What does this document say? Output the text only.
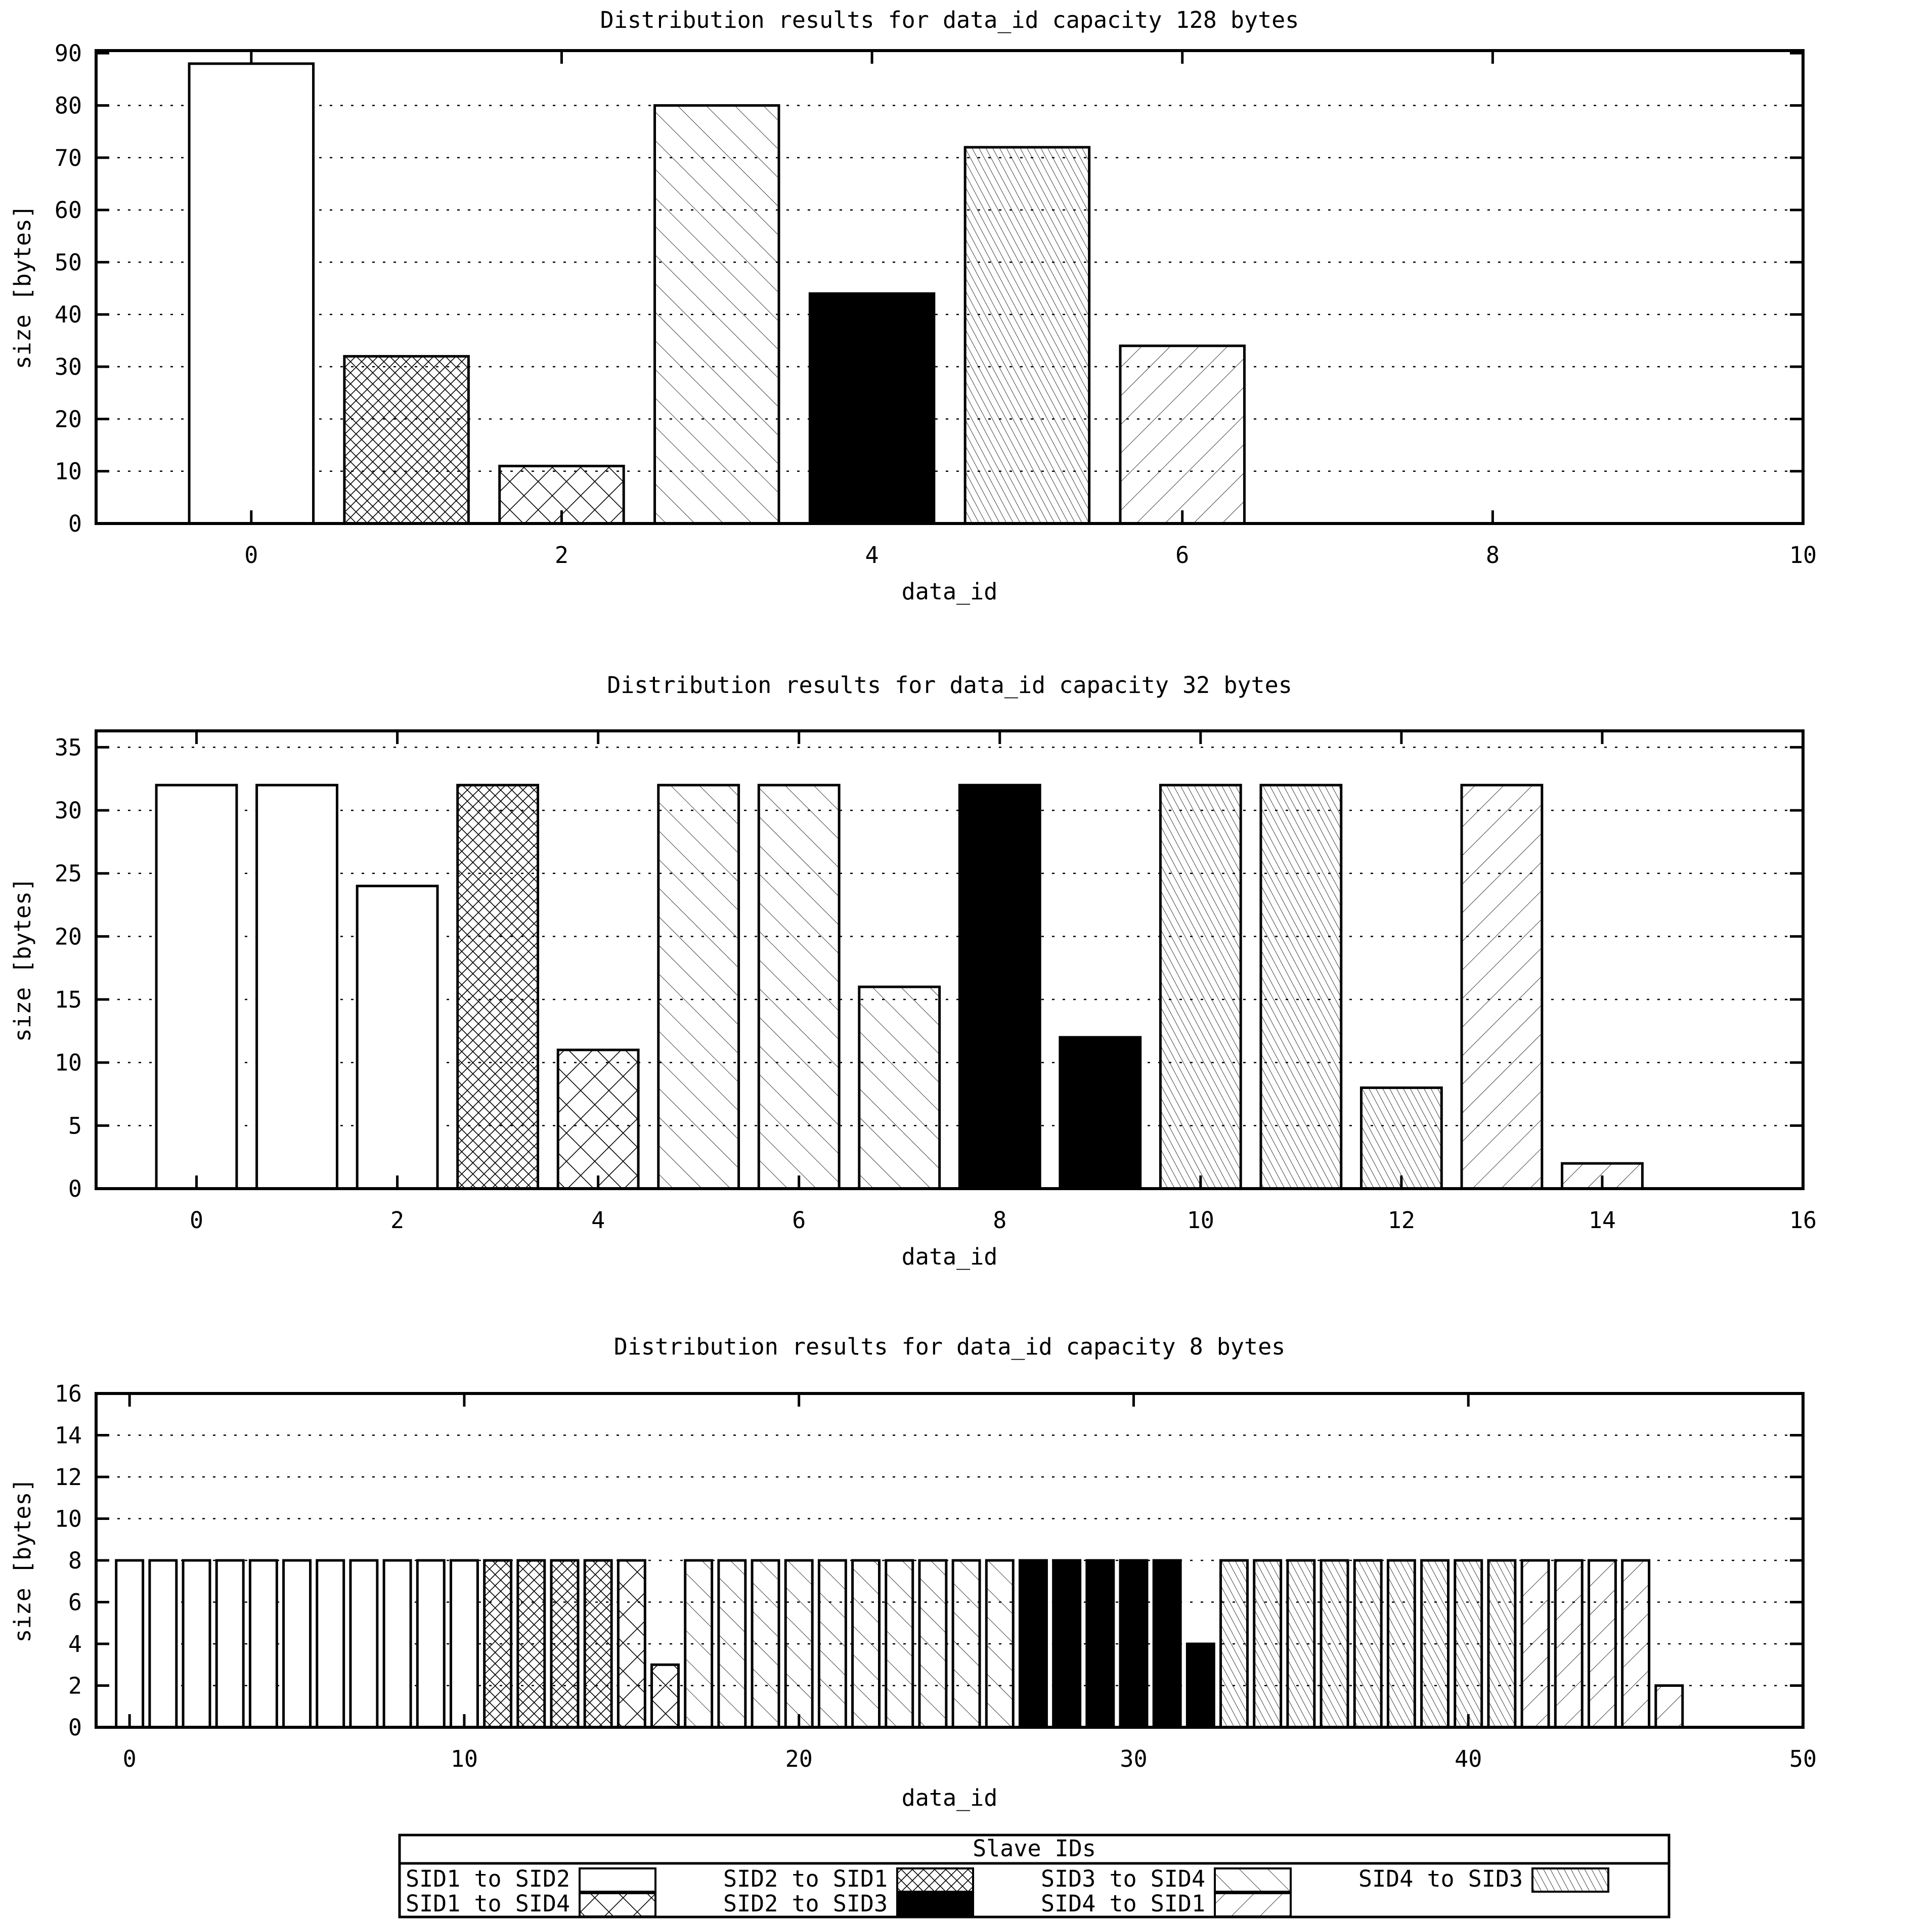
0	2	4	6	8	10
0
10
20
30
40
50
60
70
80
90
Distribution results for data_id capacity 128 bytes
data_id
size [bytes]
0	2	4	6	8	10	12	14	16
0
5
10
15
20
25
30
35
Distribution results for data_id capacity 32 bytes
data_id
size [bytes]
0	10	20	30	40	50
0
2
4
6
8
10
12
14
16
Distribution results for data_id capacity 8 bytes
data_id
size [bytes]
Slave IDs
SID1 to SID2	SID2 to SID1	SID3 to SID4	SID4 to SID3
SID1 to SID4	SID2 to SID3	SID4 to SID1
